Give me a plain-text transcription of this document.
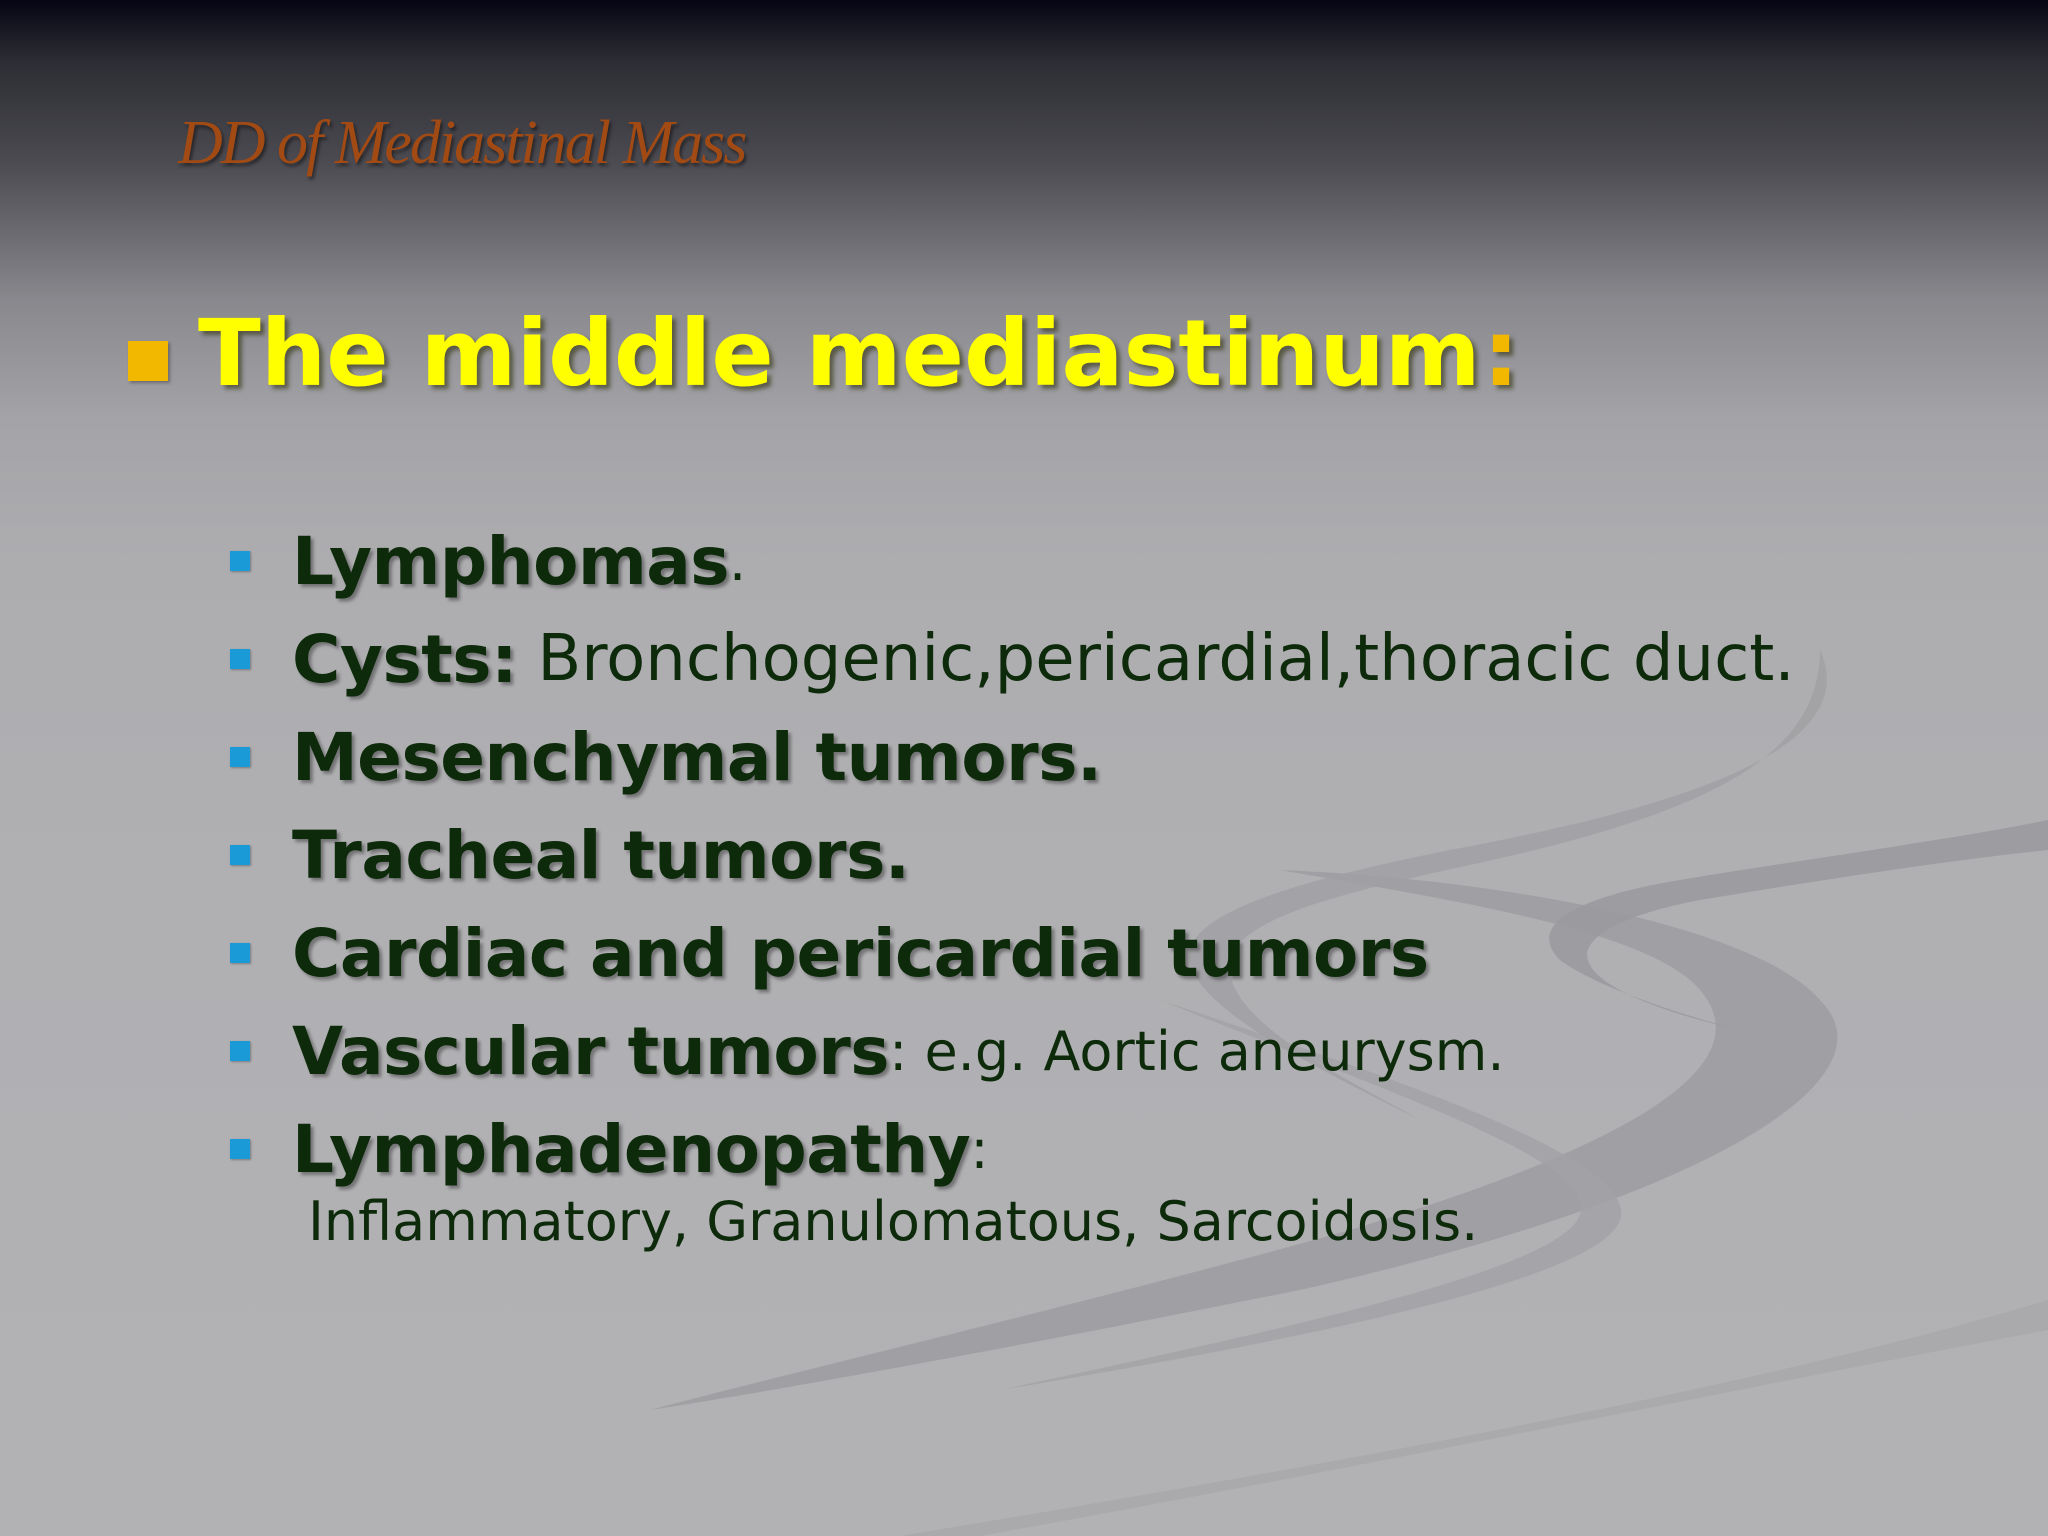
DD of Mediastinal Mass
The middle mediastinum :
Lymphomas .
Cysts: Bronchogenic,pericardial,thoracic duct.
Mesenchymal tumors.
Tracheal tumors.
Cardiac and pericardial tumors
Vascular tumors : e.g. Aortic aneurysm.
Lymphadenopathy :

Inflammatory, Granulomatous, Sarcoidosis.
